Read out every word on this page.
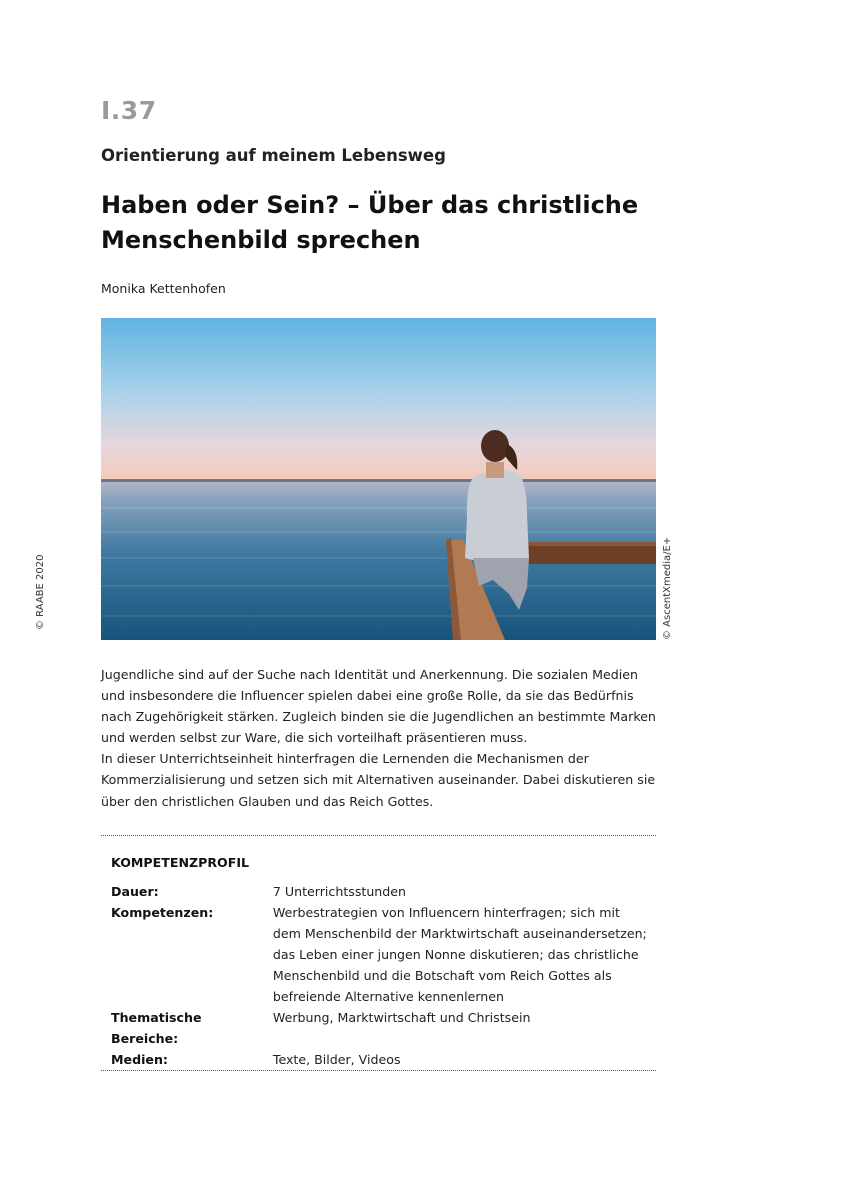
I.37
Orientierung auf meinem Lebensweg
Haben oder Sein? – Über das christliche Menschenbild sprechen
Monika Kettenhofen
© AscentXmedia/E+
© RAABE 2020

Jugendliche sind auf der Suche nach Identität und Anerkennung. Die sozialen Medien und insbesondere die Influencer spielen dabei eine große Rolle, da sie das Bedürfnis nach Zugehörigkeit stärken. Zugleich binden sie die Jugendlichen an bestimmte Marken und werden selbst zur Ware, die sich vorteilhaft präsentieren muss.

In dieser Unterrichtseinheit hinterfragen die Lernenden die Mechanismen der Kommerzialisierung und setzen sich mit Alternativen auseinander. Dabei diskutieren sie über den christlichen Glauben und das Reich Gottes.

KOMPETENZPROFIL
Dauer:	7 Unterrichtsstunden
Kompetenzen:	Werbestrategien von Influencern hinterfragen; sich mit dem Menschenbild der Marktwirtschaft auseinandersetzen; das Leben einer jungen Nonne diskutieren; das christliche Menschenbild und die Botschaft vom Reich Gottes als befreiende Alternative kennenlernen
Thematische Bereiche:	Werbung, Marktwirtschaft und Christsein
Medien:	Texte, Bilder, Videos
